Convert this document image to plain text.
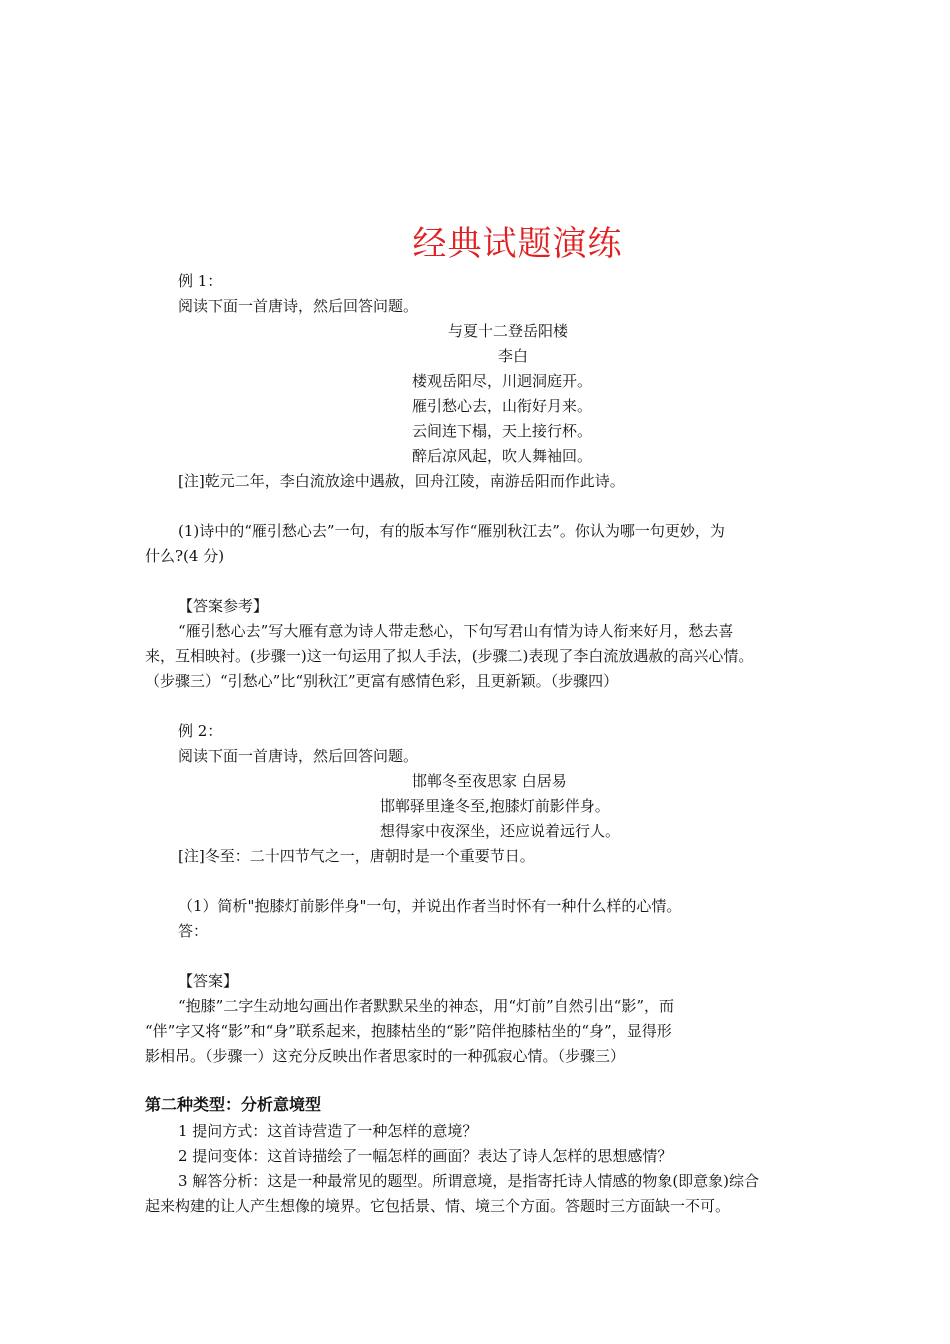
经典试题演练
例 1：
阅读下面一首唐诗，然后回答问题。
与夏十二登岳阳楼
李白
楼观岳阳尽，川迥洞庭开。
雁引愁心去，山衔好月来。
云间连下榻，天上接行杯。
醉后凉风起，吹人舞袖回。
[注]乾元二年，李白流放途中遇赦，回舟江陵，南游岳阳而作此诗。
(1)诗中的“雁引愁心去”一句，有的版本写作“雁别秋江去”。你认为哪一句更妙，为
什么?(4 分)
【答案参考】
“雁引愁心去”写大雁有意为诗人带走愁心，下句写君山有情为诗人衔来好月，愁去喜
来，互相映衬。(步骤一)这一句运用了拟人手法，(步骤二)表现了李白流放遇赦的高兴心情。
（步骤三）“引愁心”比“别秋江”更富有感情色彩，且更新颖。（步骤四）
例 2：
阅读下面一首唐诗，然后回答问题。
邯郸冬至夜思家 白居易
邯郸驿里逢冬至,抱膝灯前影伴身。
想得家中夜深坐，还应说着远行人。
[注]冬至：二十四节气之一，唐朝时是一个重要节日。
（1）简析"抱膝灯前影伴身"一句，并说出作者当时怀有一种什么样的心情。
答：
【答案】
“抱膝”二字生动地勾画出作者默默呆坐的神态，用“灯前”自然引出“影”，而
“伴”字又将“影”和“身”联系起来，抱膝枯坐的“影”陪伴抱膝枯坐的“身”，显得形
影相吊。（步骤一）这充分反映出作者思家时的一种孤寂心情。（步骤三）
第二种类型：分析意境型
1 提问方式：这首诗营造了一种怎样的意境？
2 提问变体：这首诗描绘了一幅怎样的画面？表达了诗人怎样的思想感情？
3 解答分析：这是一种最常见的题型。所谓意境，是指寄托诗人情感的物象(即意象)综合
起来构建的让人产生想像的境界。它包括景、情、境三个方面。答题时三方面缺一不可。
